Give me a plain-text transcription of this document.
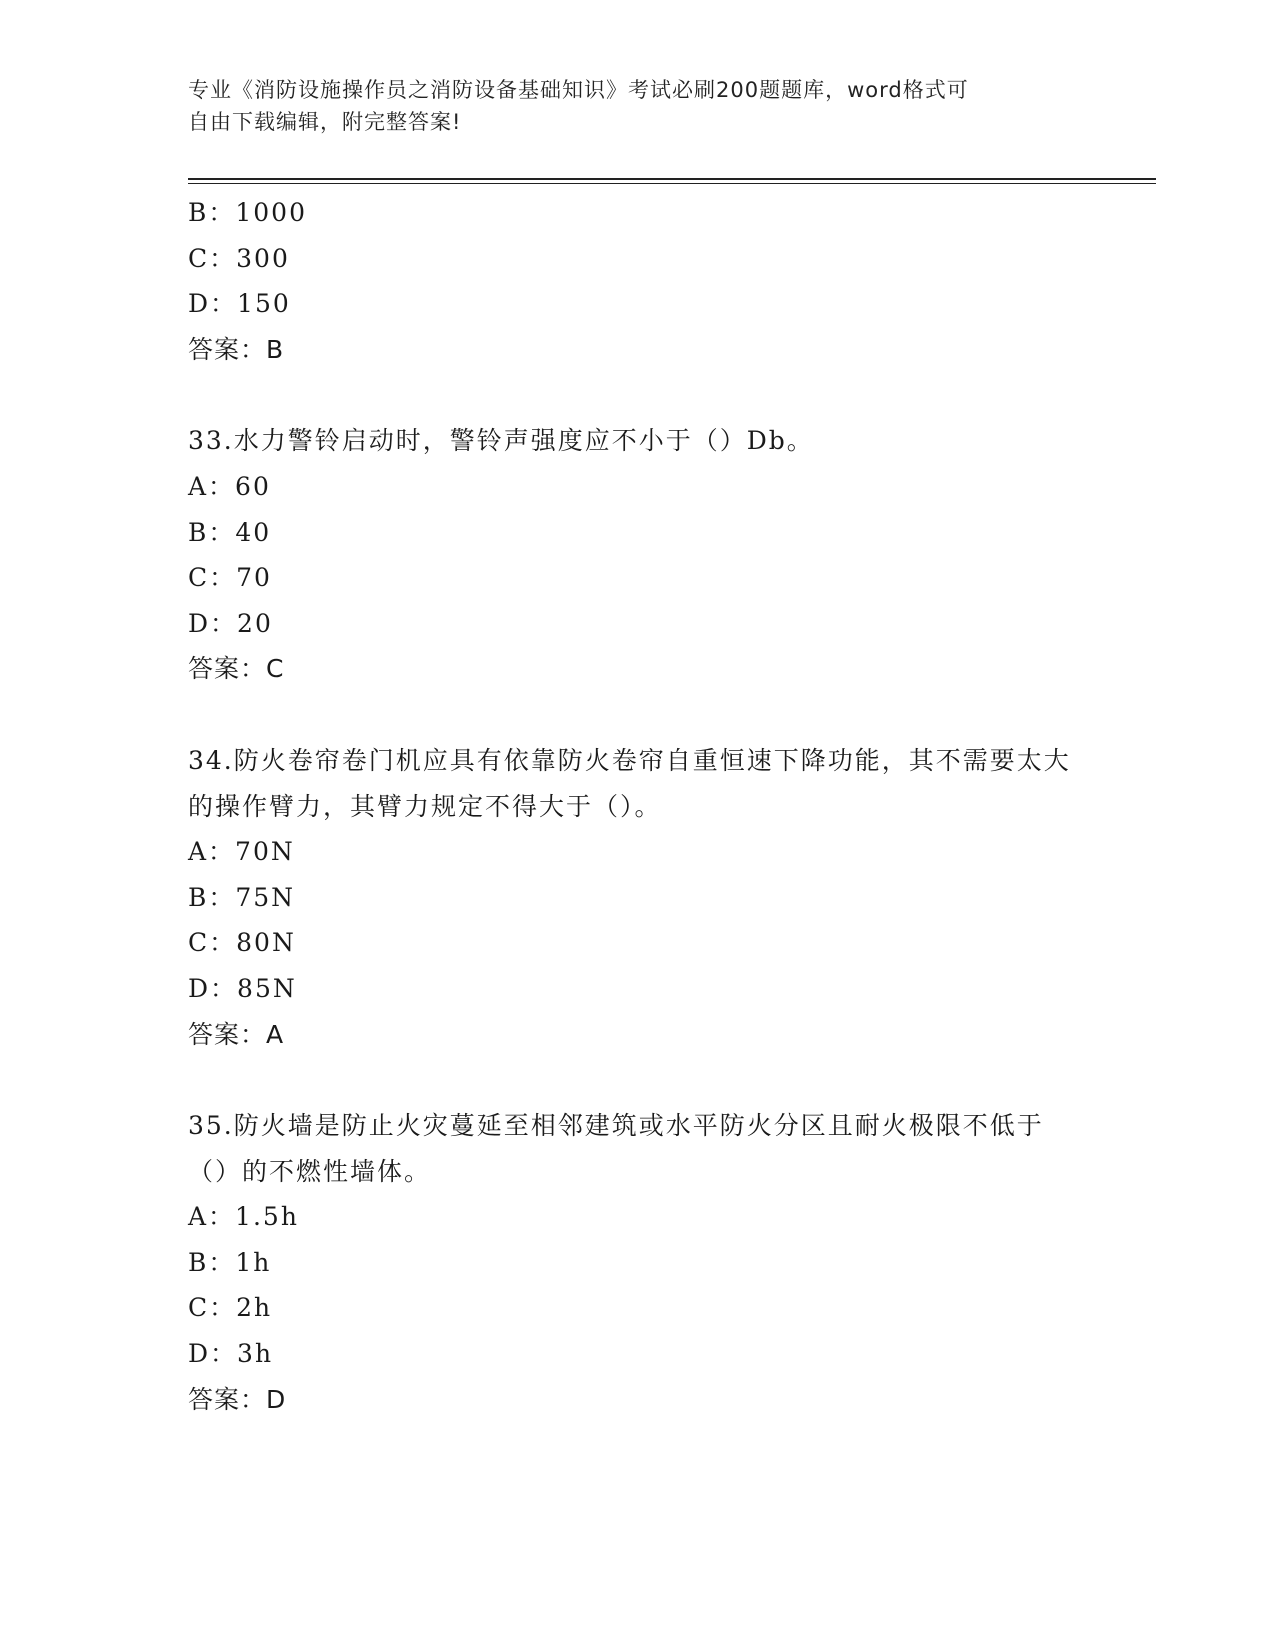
专业《消防设施操作员之消防设备基础知识》考试必刷200题题库，word格式可
自由下载编辑，附完整答案!

B：1000

C：300

D：150

答案：B

33.水力警铃启动时，警铃声强度应不小于（）Db。

A：60

B：40

C：70

D：20

答案：C

34.防火卷帘卷门机应具有依靠防火卷帘自重恒速下降功能，其不需要太大的操作臂力，其臂力规定不得大于（）。

A：70N

B：75N

C：80N

D：85N

答案：A

35.防火墙是防止火灾蔓延至相邻建筑或水平防火分区且耐火极限不低于（）的不燃性墙体。

A：1.5h

B：1h

C：2h

D：3h

答案：D
